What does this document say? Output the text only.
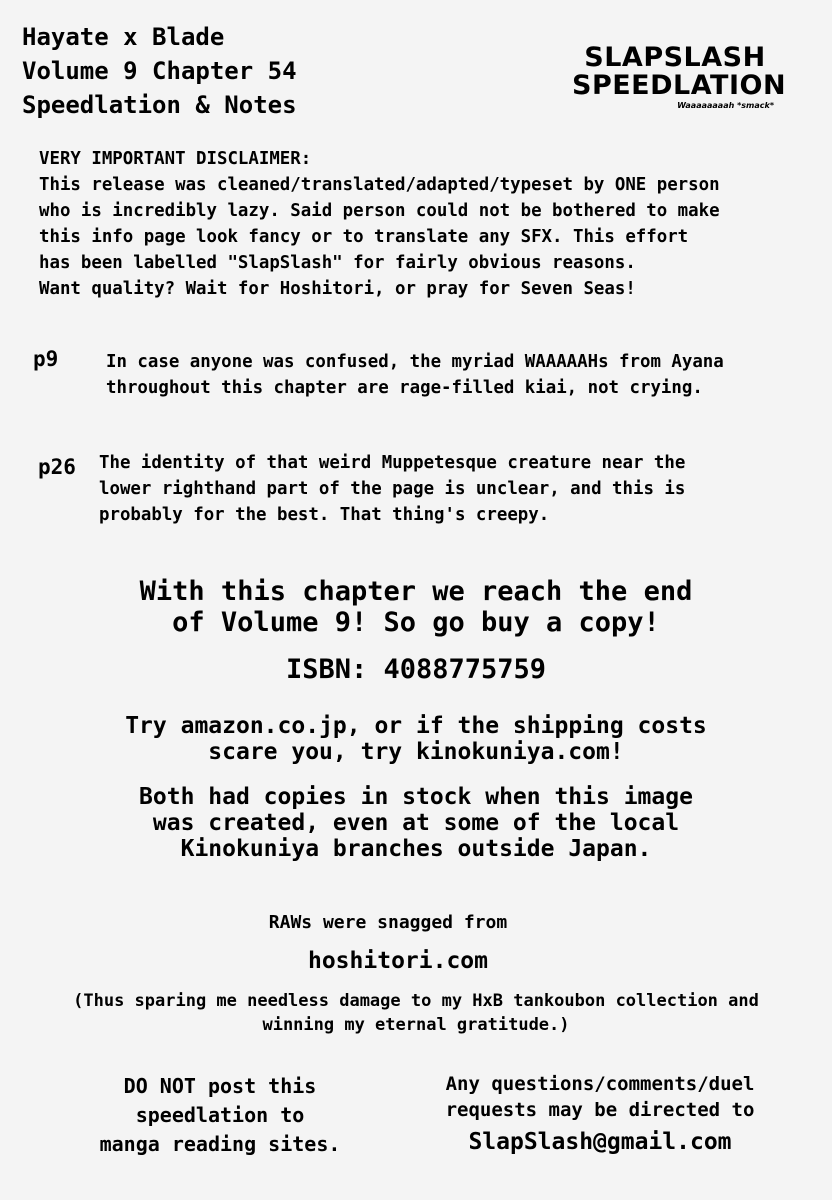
Hayate x Blade
Volume 9 Chapter 54
Speedlation & Notes
SLAPSLASH
SPEEDLATION
Waaaaaaaah *smack*
VERY IMPORTANT DISCLAIMER:
This release was cleaned/translated/adapted/typeset by ONE person
who is incredibly lazy. Said person could not be bothered to make
this info page look fancy or to translate any SFX. This effort
has been labelled "SlapSlash" for fairly obvious reasons.
Want quality? Wait for Hoshitori, or pray for Seven Seas!
p9	In case anyone was confused, the myriad WAAAAAHs from Ayana
throughout this chapter are rage-filled kiai, not crying.
p26 The identity of that weird Muppetesque creature near the
lower righthand part of the page is unclear, and this is
probably for the best. That thing's creepy.
With this chapter we reach the end
of Volume 9! So go buy a copy!
ISBN: 4088775759
Try amazon.co.jp, or if the shipping costs
scare you, try kinokuniya.com!
Both had copies in stock when this image
was created, even at some of the local
Kinokuniya branches outside Japan.
RAWs were snagged from
hoshitori.com
(Thus sparing me needless damage to my HxB tankoubon collection and
winning my eternal gratitude.)
DO NOT post this
speedlation to
manga reading sites.
Any questions/comments/duel
requests may be directed to
SlapSlash@gmail.com
